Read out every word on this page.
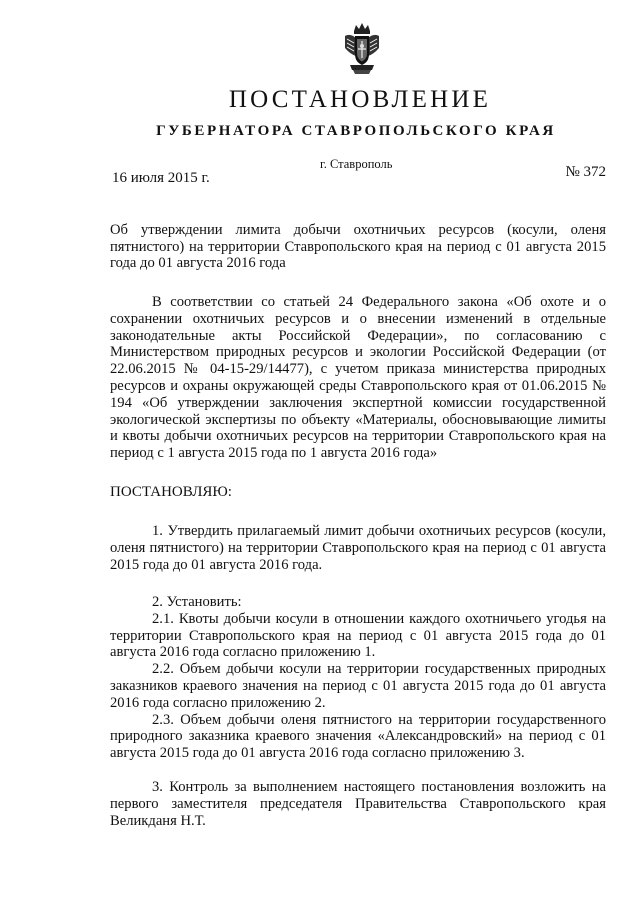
ПОСТАНОВЛЕНИЕ
ГУБЕРНАТОРА СТАВРОПОЛЬСКОГО КРАЯ
г. Ставрополь
16 июля 2015 г.	№ 372

Об утверждении лимита добычи охотничьих ресурсов (косули, оленя пятнистого) на территории Ставропольского края на период с 01 августа 2015 года до 01 августа 2016 года

В соответствии со статьей 24 Федерального закона «Об охоте и о сохранении охотничьих ресурсов и о внесении изменений в отдельные законодательные акты Российской Федерации», по согласованию с Министерством природных ресурсов и экологии Российской Федерации (от 22.06.2015 № 04-15-29/14477), с учетом приказа министерства природных ресурсов и охраны окружающей среды Ставропольского края от 01.06.2015 № 194 «Об утверждении заключения экспертной комиссии государственной экологической экспертизы по объекту «Материалы, обосновывающие лимиты и квоты добычи охотничьих ресурсов на территории Ставропольского края на период с 1 августа 2015 года по 1 августа 2016 года»

ПОСТАНОВЛЯЮ:

1. Утвердить прилагаемый лимит добычи охотничьих ресурсов (косули, оленя пятнистого) на территории Ставропольского края на период с 01 августа 2015 года до 01 августа 2016 года.

2. Установить:

2.1. Квоты добычи косули в отношении каждого охотничьего угодья на территории Ставропольского края на период с 01 августа 2015 года до 01 августа 2016 года согласно приложению 1.

2.2. Объем добычи косули на территории государственных природных заказников краевого значения на период с 01 августа 2015 года до 01 августа 2016 года согласно приложению 2.

2.3. Объем добычи оленя пятнистого на территории государственного природного заказника краевого значения «Александровский» на период с 01 августа 2015 года до 01 августа 2016 года согласно приложению 3.

3. Контроль за выполнением настоящего постановления возложить на первого заместителя председателя Правительства Ставропольского края Великданя Н.Т.
